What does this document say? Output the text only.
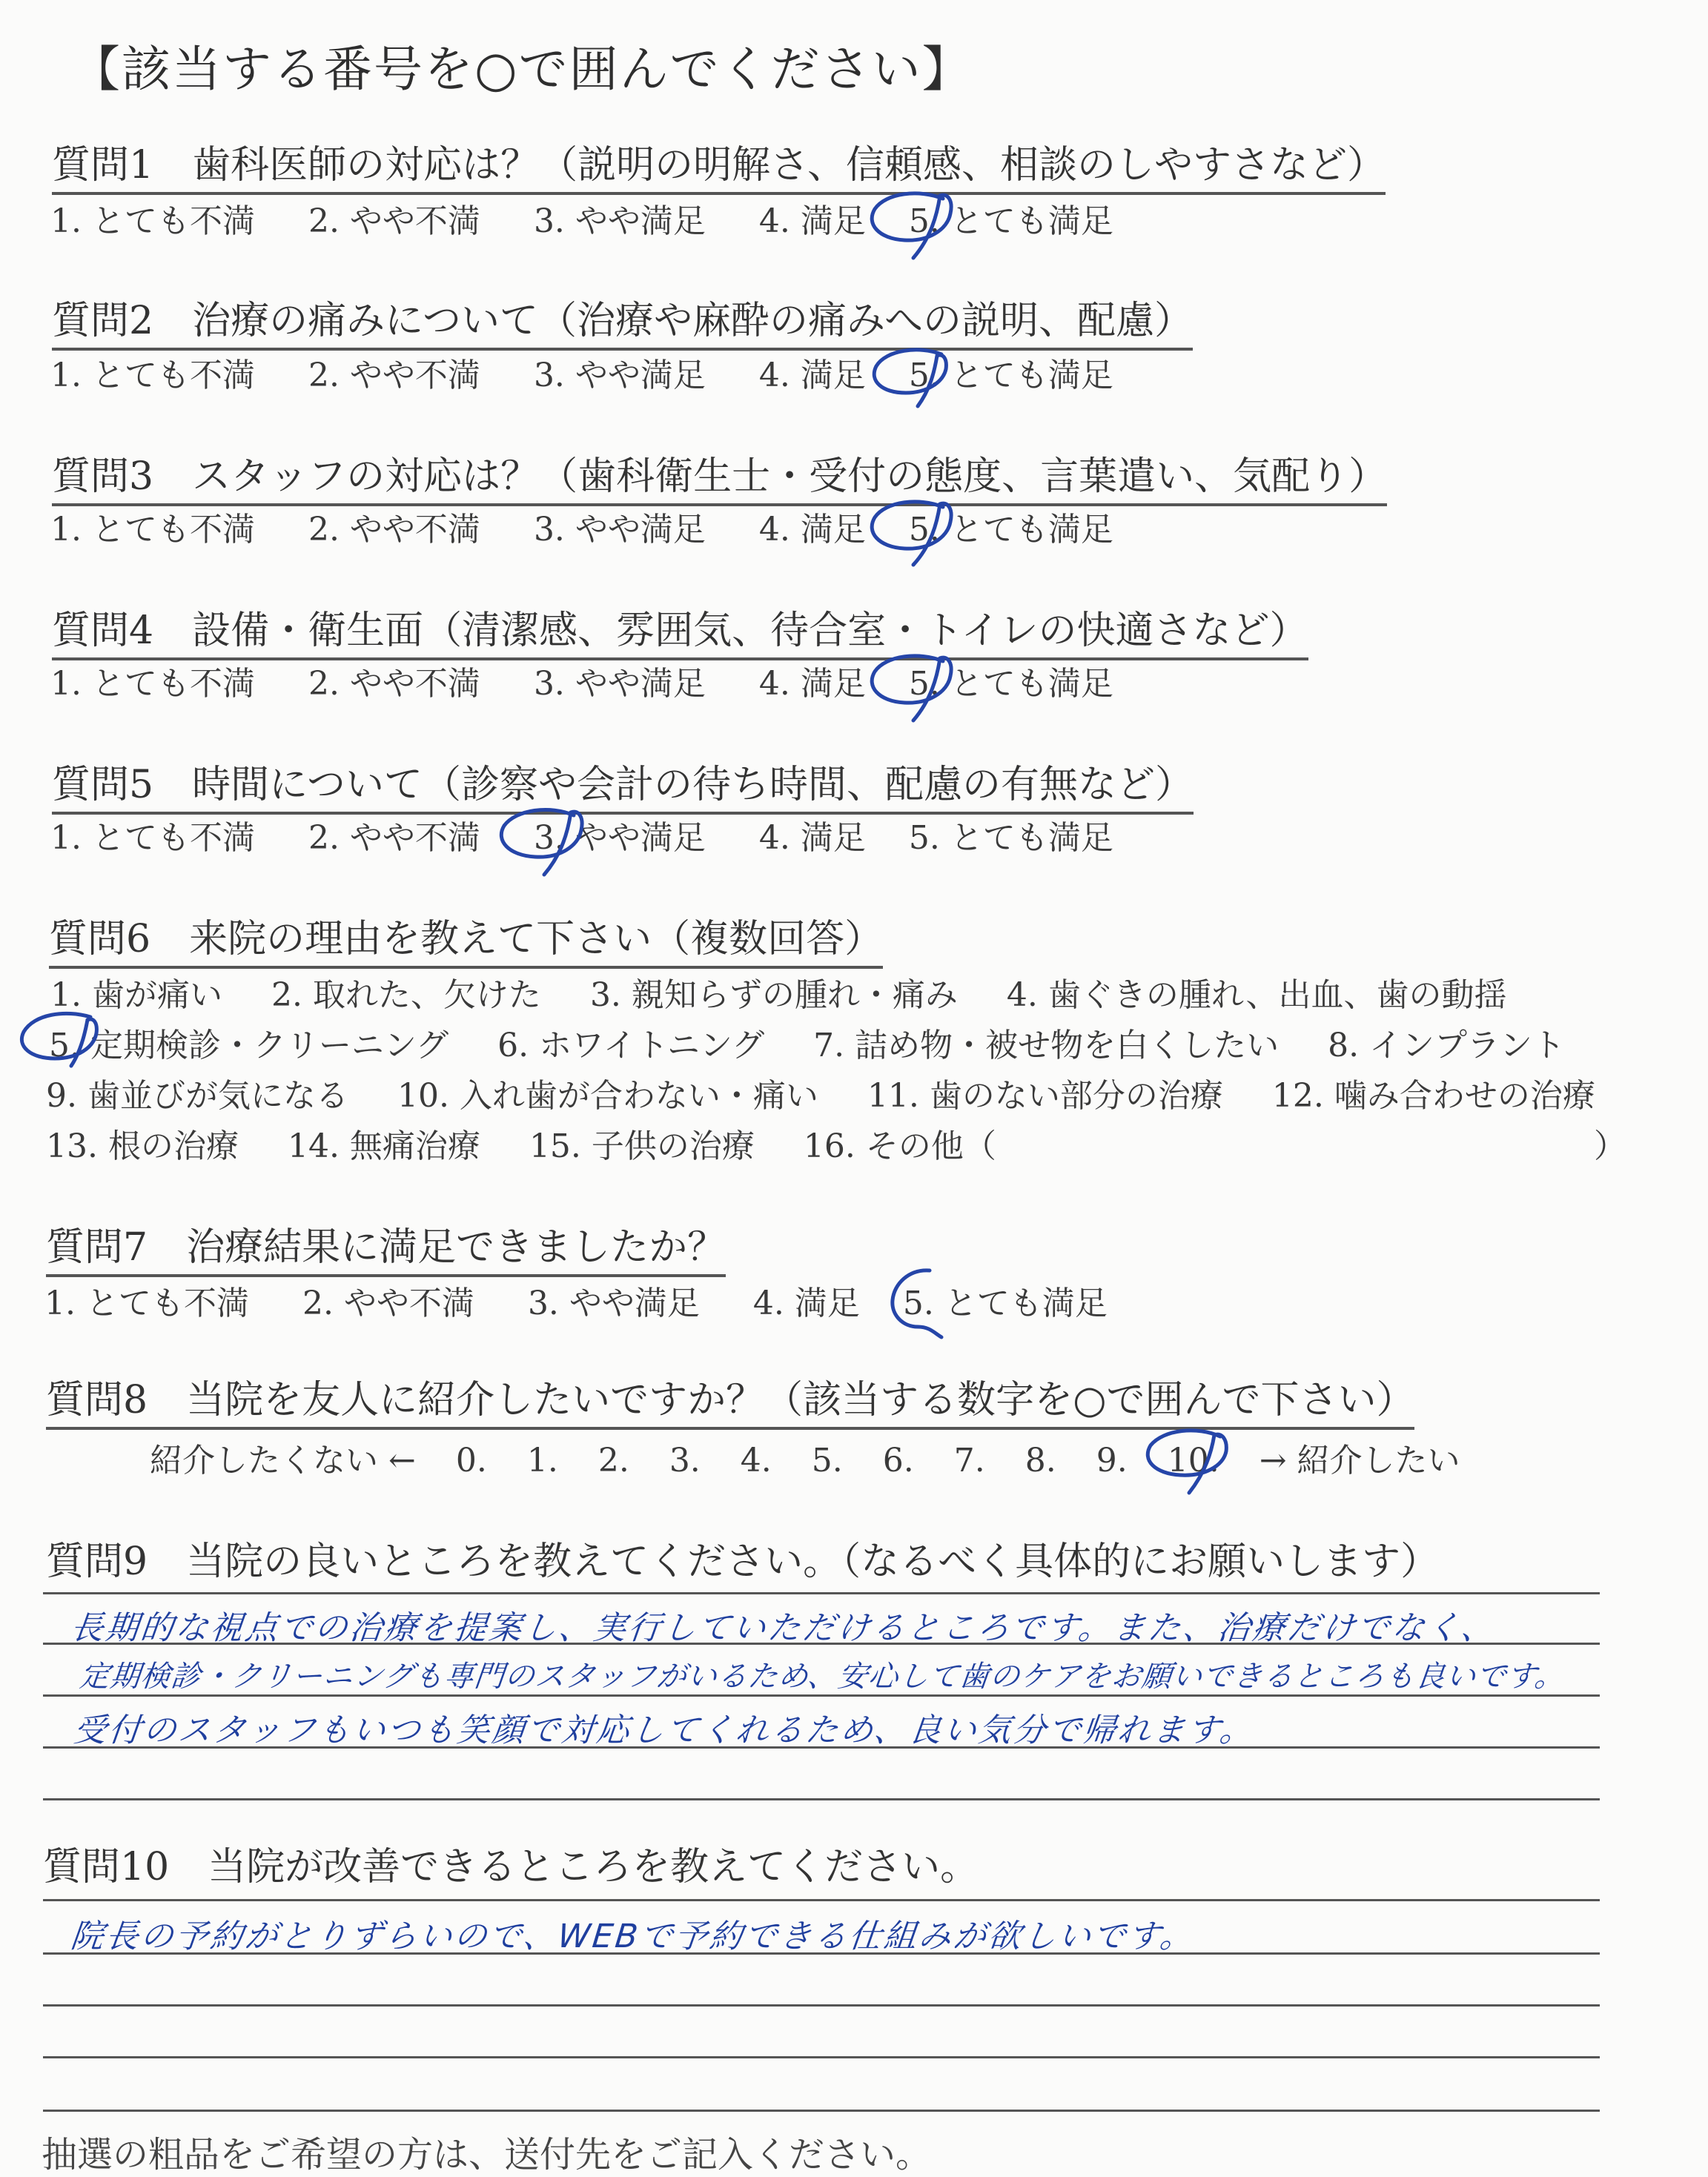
【該当する番号を○で囲んでください】
質問1　歯科医師の対応は？（説明の明解さ、信頼感、相談のしやすさなど）
1. とても不満 2. やや不満 3. やや満足 4. 満足 5. とても満足
質問2　治療の痛みについて（治療や麻酔の痛みへの説明、配慮）
1. とても不満 2. やや不満 3. やや満足 4. 満足 5. とても満足
質問3　スタッフの対応は？（歯科衛生士・受付の態度、言葉遣い、気配り）
1. とても不満 2. やや不満 3. やや満足 4. 満足 5. とても満足
質問4　設備・衛生面（清潔感、雰囲気、待合室・トイレの快適さなど）
1. とても不満 2. やや不満 3. やや満足 4. 満足 5. とても満足
質問5　時間について（診察や会計の待ち時間、配慮の有無など）
1. とても不満 2. やや不満 3. やや満足 4. 満足 5. とても満足
質問6　来院の理由を教えて下さい（複数回答）
1. 歯が痛い 2. 取れた、欠けた 3. 親知らずの腫れ・痛み 4. 歯ぐきの腫れ、出血、歯の動揺
5. 定期検診・クリーニング 6. ホワイトニング 7. 詰め物・被せ物を白くしたい 8. インプラント
9. 歯並びが気になる 10. 入れ歯が合わない・痛い 11. 歯のない部分の治療 12. 噛み合わせの治療
13. 根の治療 14. 無痛治療 15. 子供の治療 16. その他（	）
質問7　治療結果に満足できましたか？
1. とても不満 2. やや不満 3. やや満足 4. 満足 5. とても満足
質問8　当院を友人に紹介したいですか？（該当する数字を○で囲んで下さい）
紹介したくない ← 0. 1. 2. 3. 4. 5. 6. 7. 8. 9. 10. → 紹介したい
質問9　当院の良いところを教えてください。（なるべく具体的にお願いします）
長期的な視点での治療を提案し、実行していただけるところです。また、治療だけでなく、
定期検診・クリーニングも専門のスタッフがいるため、安心して歯のケアをお願いできるところも良いです。
受付のスタッフもいつも笑顔で対応してくれるため、良い気分で帰れます。
質問10　当院が改善できるところを教えてください。
院長の予約がとりずらいので、WEBで予約できる仕組みが欲しいです。
抽選の粗品をご希望の方は、送付先をご記入ください。
